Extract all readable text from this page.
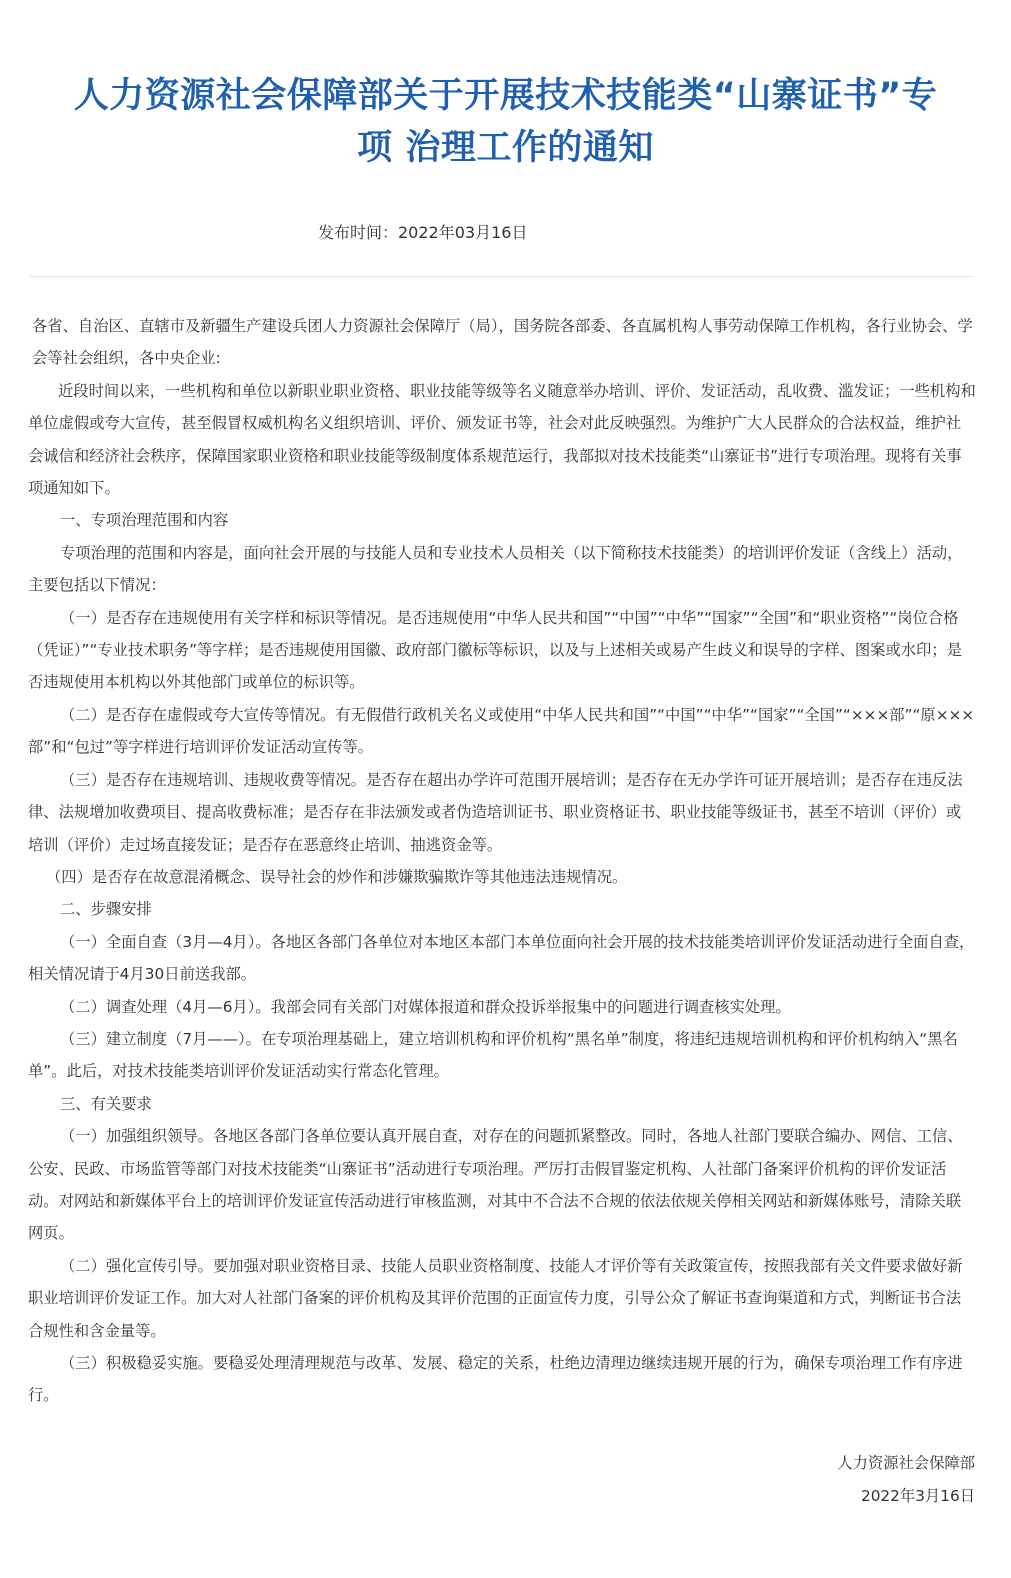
人力资源社会保障部关于开展技术技能类“山寨证书”专
项 治理工作的通知
发布时间：2022年03月16日

各省、自治区、直辖市及新疆生产建设兵团人力资源社会保障厅（局），国务院各部委、各直属机构人事劳动保障工作机构，各行业协会、学会等社会组织，各中央企业:

近段时间以来，一些机构和单位以新职业职业资格、职业技能等级等名义随意举办培训、评价、发证活动，乱收费、滥发证；一些机构和单位虚假或夸大宣传，甚至假冒权威机构名义组织培训、评价、颁发证书等，社会对此反映强烈。为维护广大人民群众的合法权益，维护社会诚信和经济社会秩序，保障国家职业资格和职业技能等级制度体系规范运行，我部拟对技术技能类“山寨证书”进行专项治理。现将有关事项通知如下。

一、专项治理范围和内容

专项治理的范围和内容是，面向社会开展的与技能人员和专业技术人员相关（以下简称技术技能类）的培训评价发证（含线上）活动，主要包括以下情况：

（一）是否存在违规使用有关字样和标识等情况。是否违规使用“中华人民共和国”“中国”“中华”“国家”“全国”和“职业资格”“岗位合格（凭证）”“专业技术职务”等字样；是否违规使用国徽、政府部门徽标等标识，以及与上述相关或易产生歧义和误导的字样、图案或水印；是否违规使用本机构以外其他部门或单位的标识等。

（二）是否存在虚假或夸大宣传等情况。有无假借行政机关名义或使用“中华人民共和国”“中国”“中华”“国家”“全国”“×××部”“原×××部”和“包过”等字样进行培训评价发证活动宣传等。

（三）是否存在违规培训、违规收费等情况。是否存在超出办学许可范围开展培训；是否存在无办学许可证开展培训；是否存在违反法律、法规增加收费项目、提高收费标准；是否存在非法颁发或者伪造培训证书、职业资格证书、职业技能等级证书，甚至不培训（评价）或培训（评价）走过场直接发证；是否存在恶意终止培训、抽逃资金等。

（四）是否存在故意混淆概念、误导社会的炒作和涉嫌欺骗欺诈等其他违法违规情况。

二、步骤安排

（一）全面自查（3月—4月）。各地区各部门各单位对本地区本部门本单位面向社会开展的技术技能类培训评价发证活动进行全面自查，相关情况请于4月30日前送我部。

（二）调查处理（4月—6月）。我部会同有关部门对媒体报道和群众投诉举报集中的问题进行调查核实处理。

（三）建立制度（7月——）。在专项治理基础上，建立培训机构和评价机构“黑名单”制度，将违纪违规培训机构和评价机构纳入“黑名单”。此后，对技术技能类培训评价发证活动实行常态化管理。

三、有关要求

（一）加强组织领导。各地区各部门各单位要认真开展自查，对存在的问题抓紧整改。同时，各地人社部门要联合编办、网信、工信、公安、民政、市场监管等部门对技术技能类“山寨证书”活动进行专项治理。严厉打击假冒鉴定机构、人社部门备案评价机构的评价发证活动。对网站和新媒体平台上的培训评价发证宣传活动进行审核监测，对其中不合法不合规的依法依规关停相关网站和新媒体账号，清除关联网页。

（二）强化宣传引导。要加强对职业资格目录、技能人员职业资格制度、技能人才评价等有关政策宣传，按照我部有关文件要求做好新职业培训评价发证工作。加大对人社部门备案的评价机构及其评价范围的正面宣传力度，引导公众了解证书查询渠道和方式，判断证书合法合规性和含金量等。

（三）积极稳妥实施。要稳妥处理清理规范与改革、发展、稳定的关系，杜绝边清理边继续违规开展的行为，确保专项治理工作有序进行。

人力资源社会保障部
2022年3月16日
